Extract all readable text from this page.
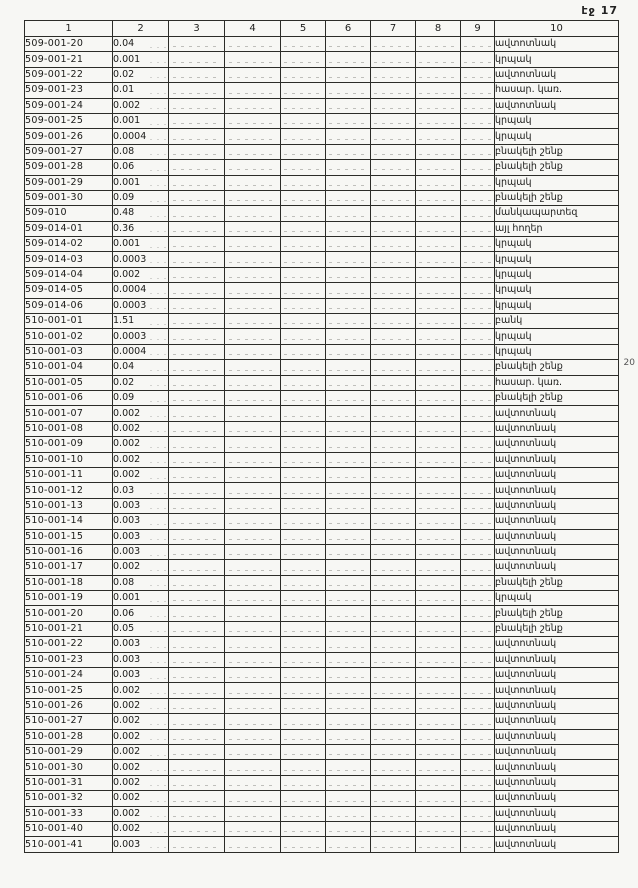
էջ 17
1	2	3	4	5	6	7	8	9	10
509-001-20	0.04								ավտոտնակ
509-001-21	0.001								կրպակ
509-001-22	0.02								ավտոտնակ
509-001-23	0.01								հասար. կառ.
509-001-24	0.002								ավտոտնակ
509-001-25	0.001								կրպակ
509-001-26	0.0004								կրպակ
509-001-27	0.08								բնակելի շենք
509-001-28	0.06								բնակելի շենք
509-001-29	0.001								կրպակ
509-001-30	0.09								բնակելի շենք
509-010	0.48								մանկապարտեզ
509-014-01	0.36								այլ հողեր
509-014-02	0.001								կրպակ
509-014-03	0.0003								կրպակ
509-014-04	0.002								կրպակ
509-014-05	0.0004								կրպակ
509-014-06	0.0003								կրպակ
510-001-01	1.51								բանկ
510-001-02	0.0003								կրպակ
510-001-03	0.0004								կրպակ
510-001-04	0.04								բնակելի շենք
510-001-05	0.02								հասար. կառ.
510-001-06	0.09								բնակելի շենք
510-001-07	0.002								ավտոտնակ
510-001-08	0.002								ավտոտնակ
510-001-09	0.002								ավտոտնակ
510-001-10	0.002								ավտոտնակ
510-001-11	0.002								ավտոտնակ
510-001-12	0.03								ավտոտնակ
510-001-13	0.003								ավտոտնակ
510-001-14	0.003								ավտոտնակ
510-001-15	0.003								ավտոտնակ
510-001-16	0.003								ավտոտնակ
510-001-17	0.002								ավտոտնակ
510-001-18	0.08								բնակելի շենք
510-001-19	0.001								կրպակ
510-001-20	0.06								բնակելի շենք
510-001-21	0.05								բնակելի շենք
510-001-22	0.003								ավտոտնակ
510-001-23	0.003								ավտոտնակ
510-001-24	0.003								ավտոտնակ
510-001-25	0.002								ավտոտնակ
510-001-26	0.002								ավտոտնակ
510-001-27	0.002								ավտոտնակ
510-001-28	0.002								ավտոտնակ
510-001-29	0.002								ավտոտնակ
510-001-30	0.002								ավտոտնակ
510-001-31	0.002								ավտոտնակ
510-001-32	0.002								ավտոտնակ
510-001-33	0.002								ավտոտնակ
510-001-40	0.002								ավտոտնակ
510-001-41	0.003								ավտոտնակ
20
